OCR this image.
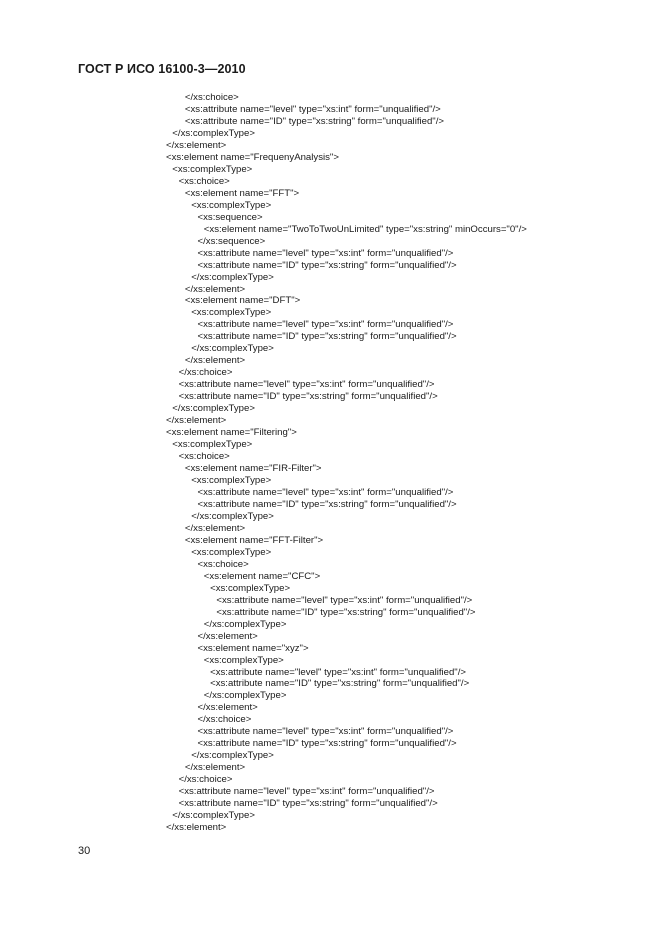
ГОСТ Р ИСО 16100-3—2010
</xs:choice>
<xs:attribute name="level" type="xs:int" form="unqualified"/>
<xs:attribute name="ID" type="xs:string" form="unqualified"/>
</xs:complexType>
</xs:element>
<xs:element name="FrequenyAnalysis">
<xs:complexType>
<xs:choice>
<xs:element name="FFT">
<xs:complexType>
<xs:sequence>
<xs:element name="TwoToTwoUnLimited" type="xs:string" minOccurs="0"/>
</xs:sequence>
<xs:attribute name="level" type="xs:int" form="unqualified"/>
<xs:attribute name="ID" type="xs:string" form="unqualified"/>
</xs:complexType>
</xs:element>
<xs:element name="DFT">
<xs:complexType>
<xs:attribute name="level" type="xs:int" form="unqualified"/>
<xs:attribute name="ID" type="xs:string" form="unqualified"/>
</xs:complexType>
</xs:element>
</xs:choice>
<xs:attribute name="level" type="xs:int" form="unqualified"/>
<xs:attribute name="ID" type="xs:string" form="unqualified"/>
</xs:complexType>
</xs:element>
<xs:element name="Filtering">
<xs:complexType>
<xs:choice>
<xs:element name="FIR-Filter">
<xs:complexType>
<xs:attribute name="level" type="xs:int" form="unqualified"/>
<xs:attribute name="ID" type="xs:string" form="unqualified"/>
</xs:complexType>
</xs:element>
<xs:element name="FFT-Filter">
<xs:complexType>
<xs:choice>
<xs:element name="CFC">
<xs:complexType>
<xs:attribute name="level" type="xs:int" form="unqualified"/>
<xs:attribute name="ID" type="xs:string" form="unqualified"/>
</xs:complexType>
</xs:element>
<xs:element name="xyz">
<xs:complexType>
<xs:attribute name="level" type="xs:int" form="unqualified"/>
<xs:attribute name="ID" type="xs:string" form="unqualified"/>
</xs:complexType>
</xs:element>
</xs:choice>
<xs:attribute name="level" type="xs:int" form="unqualified"/>
<xs:attribute name="ID" type="xs:string" form="unqualified"/>
</xs:complexType>
</xs:element>
</xs:choice>
<xs:attribute name="level" type="xs:int" form="unqualified"/>
<xs:attribute name="ID" type="xs:string" form="unqualified"/>
</xs:complexType>
</xs:element>
30
